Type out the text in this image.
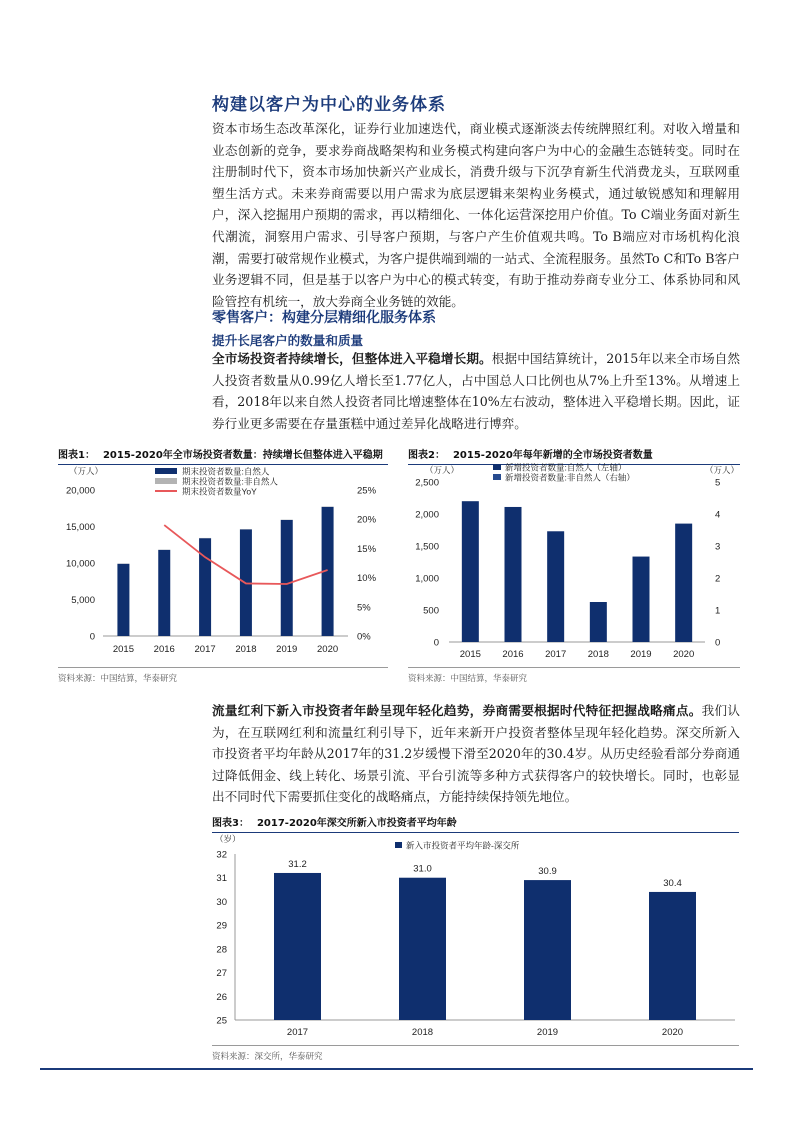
构建以客户为中心的业务体系

资本市场生态改革深化，证券行业加速迭代，商业模式逐渐淡去传统牌照红利。对收入增量和业态创新的竞争，要求券商战略架构和业务模式构建向客户为中心的金融生态链转变。同时在注册制时代下，资本市场加快新兴产业成长，消费升级与下沉孕育新生代消费龙头，互联网重塑生活方式。未来券商需要以用户需求为底层逻辑来架构业务模式，通过敏锐感知和理解用户，深入挖掘用户预期的需求，再以精细化、一体化运营深挖用户价值。To C端业务面对新生代潮流，洞察用户需求、引导客户预期，与客户产生价值观共鸣。To B端应对市场机构化浪潮，需要打破常规作业模式，为客户提供端到端的一站式、全流程服务。虽然To C和To B客户业务逻辑不同，但是基于以客户为中心的模式转变，有助于推动券商专业分工、体系协同和风险管控有机统一，放大券商全业务链的效能。

零售客户：构建分层精细化服务体系
提升长尾客户的数量和质量

全市场投资者持续增长，但整体进入平稳增长期。根据中国结算统计，2015年以来全市场自然人投资者数量从0.99亿人增长至1.77亿人，占中国总人口比例也从7%上升至13%。从增速上看，2018年以来自然人投资者同比增速整体在10%左右波动，整体进入平稳增长期。因此，证券行业更多需要在存量蛋糕中通过差异化战略进行博弈。

图表1： 2015-2020年全市场投资者数量：持续增长但整体进入平稳期
（万人）
0
5,000
10,000
15,000
20,000
0%
5%
10%
15%
20%
25%
2015 2016 2017 2018 2019 2020
期末投资者数量:自然人
期末投资者数量:非自然人
期末投资者数量YoY
资料来源：中国结算，华泰研究
图表2： 2015-2020年每年新增的全市场投资者数量
（万人）	（万人）
0
500
1,000
1,500
2,000
2,500
0
1
2
3
4
5
2015 2016 2017 2018 2019 2020
新增投资者数量:自然人（左轴）
新增投资者数量:非自然人（右轴）
资料来源：中国结算，华泰研究

流量红利下新入市投资者年龄呈现年轻化趋势，券商需要根据时代特征把握战略痛点。我们认为，在互联网红利和流量红利引导下，近年来新开户投资者整体呈现年轻化趋势。深交所新入市投资者平均年龄从2017年的31.2岁缓慢下滑至2020年的30.4岁。从历史经验看部分券商通过降低佣金、线上转化、场景引流、平台引流等多种方式获得客户的较快增长。同时，也彰显出不同时代下需要抓住变化的战略痛点，方能持续保持领先地位。

图表3： 2017-2020年深交所新入市投资者平均年龄
（岁）
25
26
27
28
29
30
31
32
31.2
2017
31.0
2018
30.9
2019
30.4
2020
新入市投资者平均年龄-深交所
资料来源：深交所，华泰研究
